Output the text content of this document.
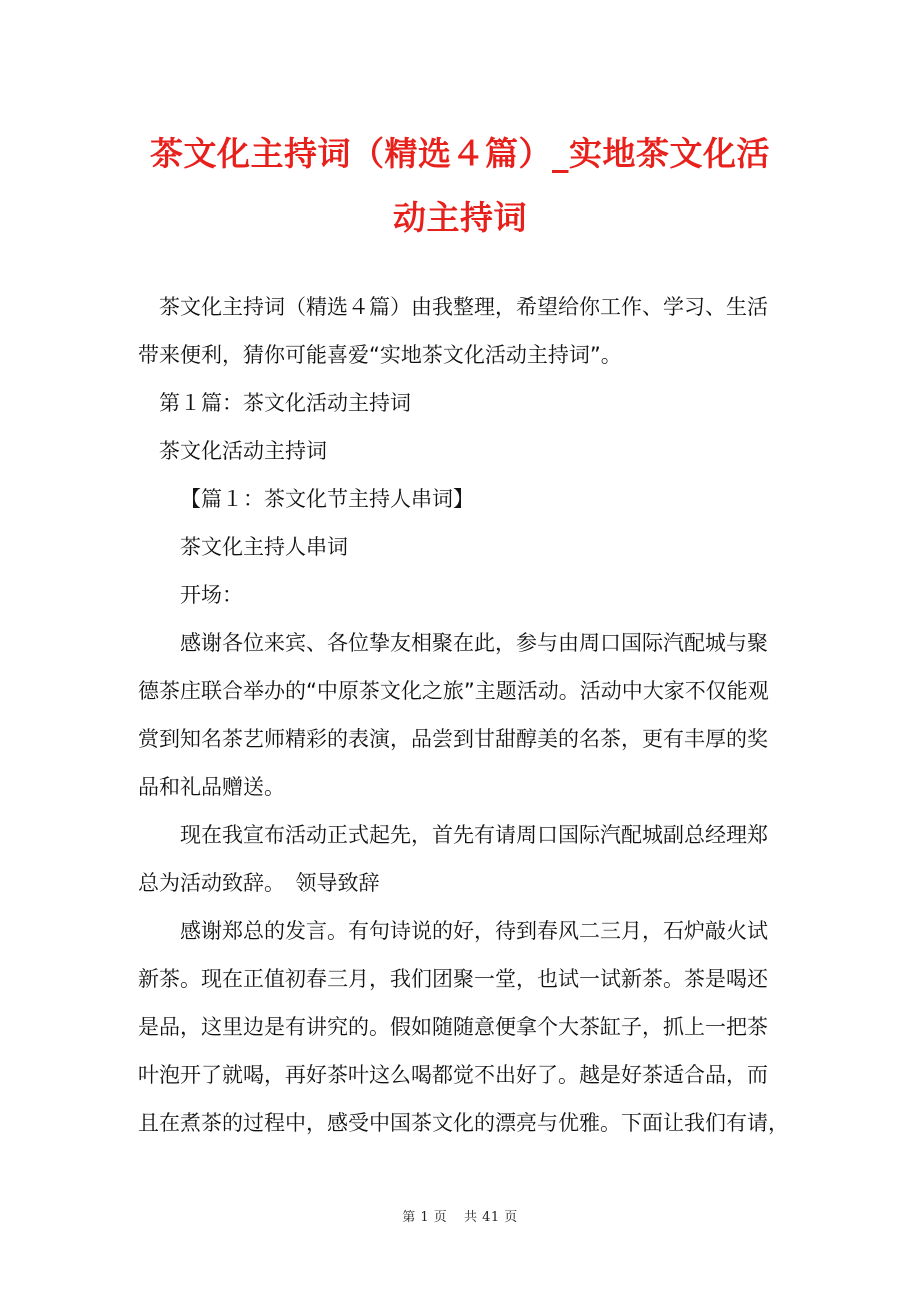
茶文化主持词（精选４篇）_实地茶文化活
动主持词
茶文化主持词（精选４篇）由我整理，希望给你工作、学习、生活
带来便利，猜你可能喜爱“实地茶文化活动主持词”。
第１篇：茶文化活动主持词
茶文化活动主持词
【篇１：茶文化节主持人串词】
茶文化主持人串词
开场：
感谢各位来宾、各位挚友相聚在此，参与由周口国际汽配城与聚
德茶庄联合举办的“中原茶文化之旅”主题活动。活动中大家不仅能观
赏到知名茶艺师精彩的表演，品尝到甘甜醇美的名茶，更有丰厚的奖
品和礼品赠送。
现在我宣布活动正式起先，首先有请周口国际汽配城副总经理郑
总为活动致辞。　领导致辞
感谢郑总的发言。有句诗说的好，待到春风二三月，石炉敲火试
新茶。现在正值初春三月，我们团聚一堂，也试一试新茶。茶是喝还
是品，这里边是有讲究的。假如随随意便拿个大茶缸子，抓上一把茶
叶泡开了就喝，再好茶叶这么喝都觉不出好了。越是好茶适合品，而
且在煮茶的过程中，感受中国茶文化的漂亮与优雅。下面让我们有请，
第 1 页 共 41 页
